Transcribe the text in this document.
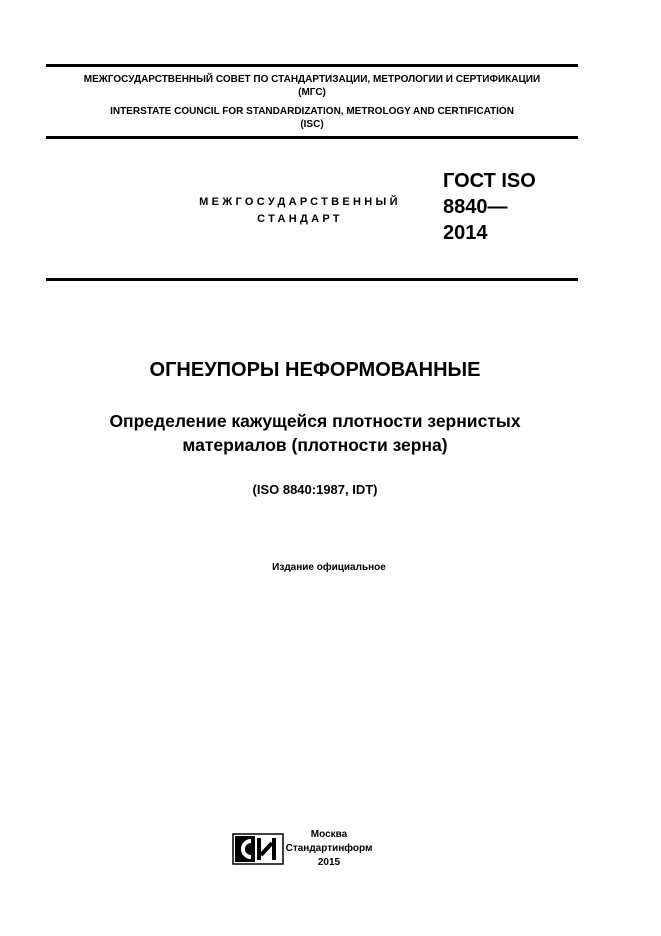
МЕЖГОСУДАРСТВЕННЫЙ СОВЕТ ПО СТАНДАРТИЗАЦИИ, МЕТРОЛОГИИ И СЕРТИФИКАЦИИ
(МГС)
INTERSTATE COUNCIL FOR STANDARDIZATION, METROLOGY AND CERTIFICATION
(ISC)
МЕЖГОСУДАРСТВЕННЫЙ
СТАНДАРТ
ГОСТ ISO
8840—
2014
ОГНЕУПОРЫ НЕФОРМОВАННЫЕ
Определение кажущейся плотности зернистых
материалов (плотности зерна)
(ISO 8840:1987, IDT)
Издание официальное
Москва
Стандартинформ
2015
